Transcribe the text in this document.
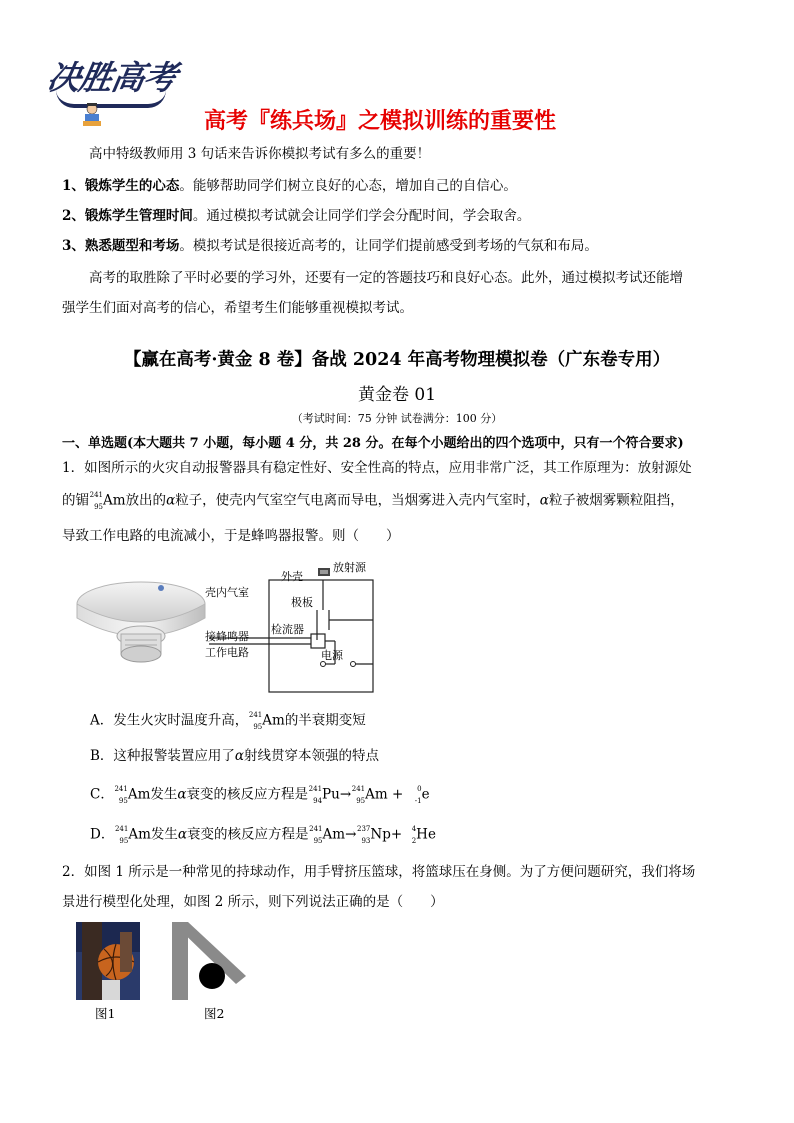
决胜高考
高考『练兵场』之模拟训练的重要性
高中特级教师用 3 句话来告诉你模拟考试有多么的重要！
1、锻炼学生的心态。能够帮助同学们树立良好的心态，增加自己的自信心。
2、锻炼学生管理时间。通过模拟考试就会让同学们学会分配时间，学会取舍。
3、熟悉题型和考场。模拟考试是很接近高考的，让同学们提前感受到考场的气氛和布局。
高考的取胜除了平时必要的学习外，还要有一定的答题技巧和良好心态。此外，通过模拟考试还能增
强学生们面对高考的信心，希望考生们能够重视模拟考试。
【赢在高考·黄金 8 卷】备战 2024 年高考物理模拟卷（广东卷专用）
黄金卷 01
（考试时间：75 分钟 试卷满分：100 分）
一、单选题(本大题共 7 小题，每小题 4 分，共 28 分。在每个小题给出的四个选项中，只有一个符合要求)
1．如图所示的火灾自动报警器具有稳定性好、安全性高的特点，应用非常广泛，其工作原理为：放射源处
的镅 241
95 Am放出的α粒子，使壳内气室空气电离而导电，当烟雾进入壳内气室时，α粒子被烟雾颗粒阻挡，
导致工作电路的电流减小，于是蜂鸣器报警。则（　　）
外壳
放射源
壳内气室
极板
检流器
接蜂鸣器
工作电路	电源
A．发生火灾时温度升高， 241
95 Am的半衰期变短
B．这种报警装置应用了α射线贯穿本领强的特点
C． 241
95 Am发生α衰变的核反应方程是 241
94 Pu→ 241
95 Am + 0
-1 e
D． 241
95 Am发生α衰变的核反应方程是 241
95 Am→ 237
93 Np+ 4
2 He
2．如图 1 所示是一种常见的持球动作，用手臂挤压篮球，将篮球压在身侧。为了方便问题研究，我们将场
景进行模型化处理，如图 2 所示，则下列说法正确的是（　　）
图1	图2
